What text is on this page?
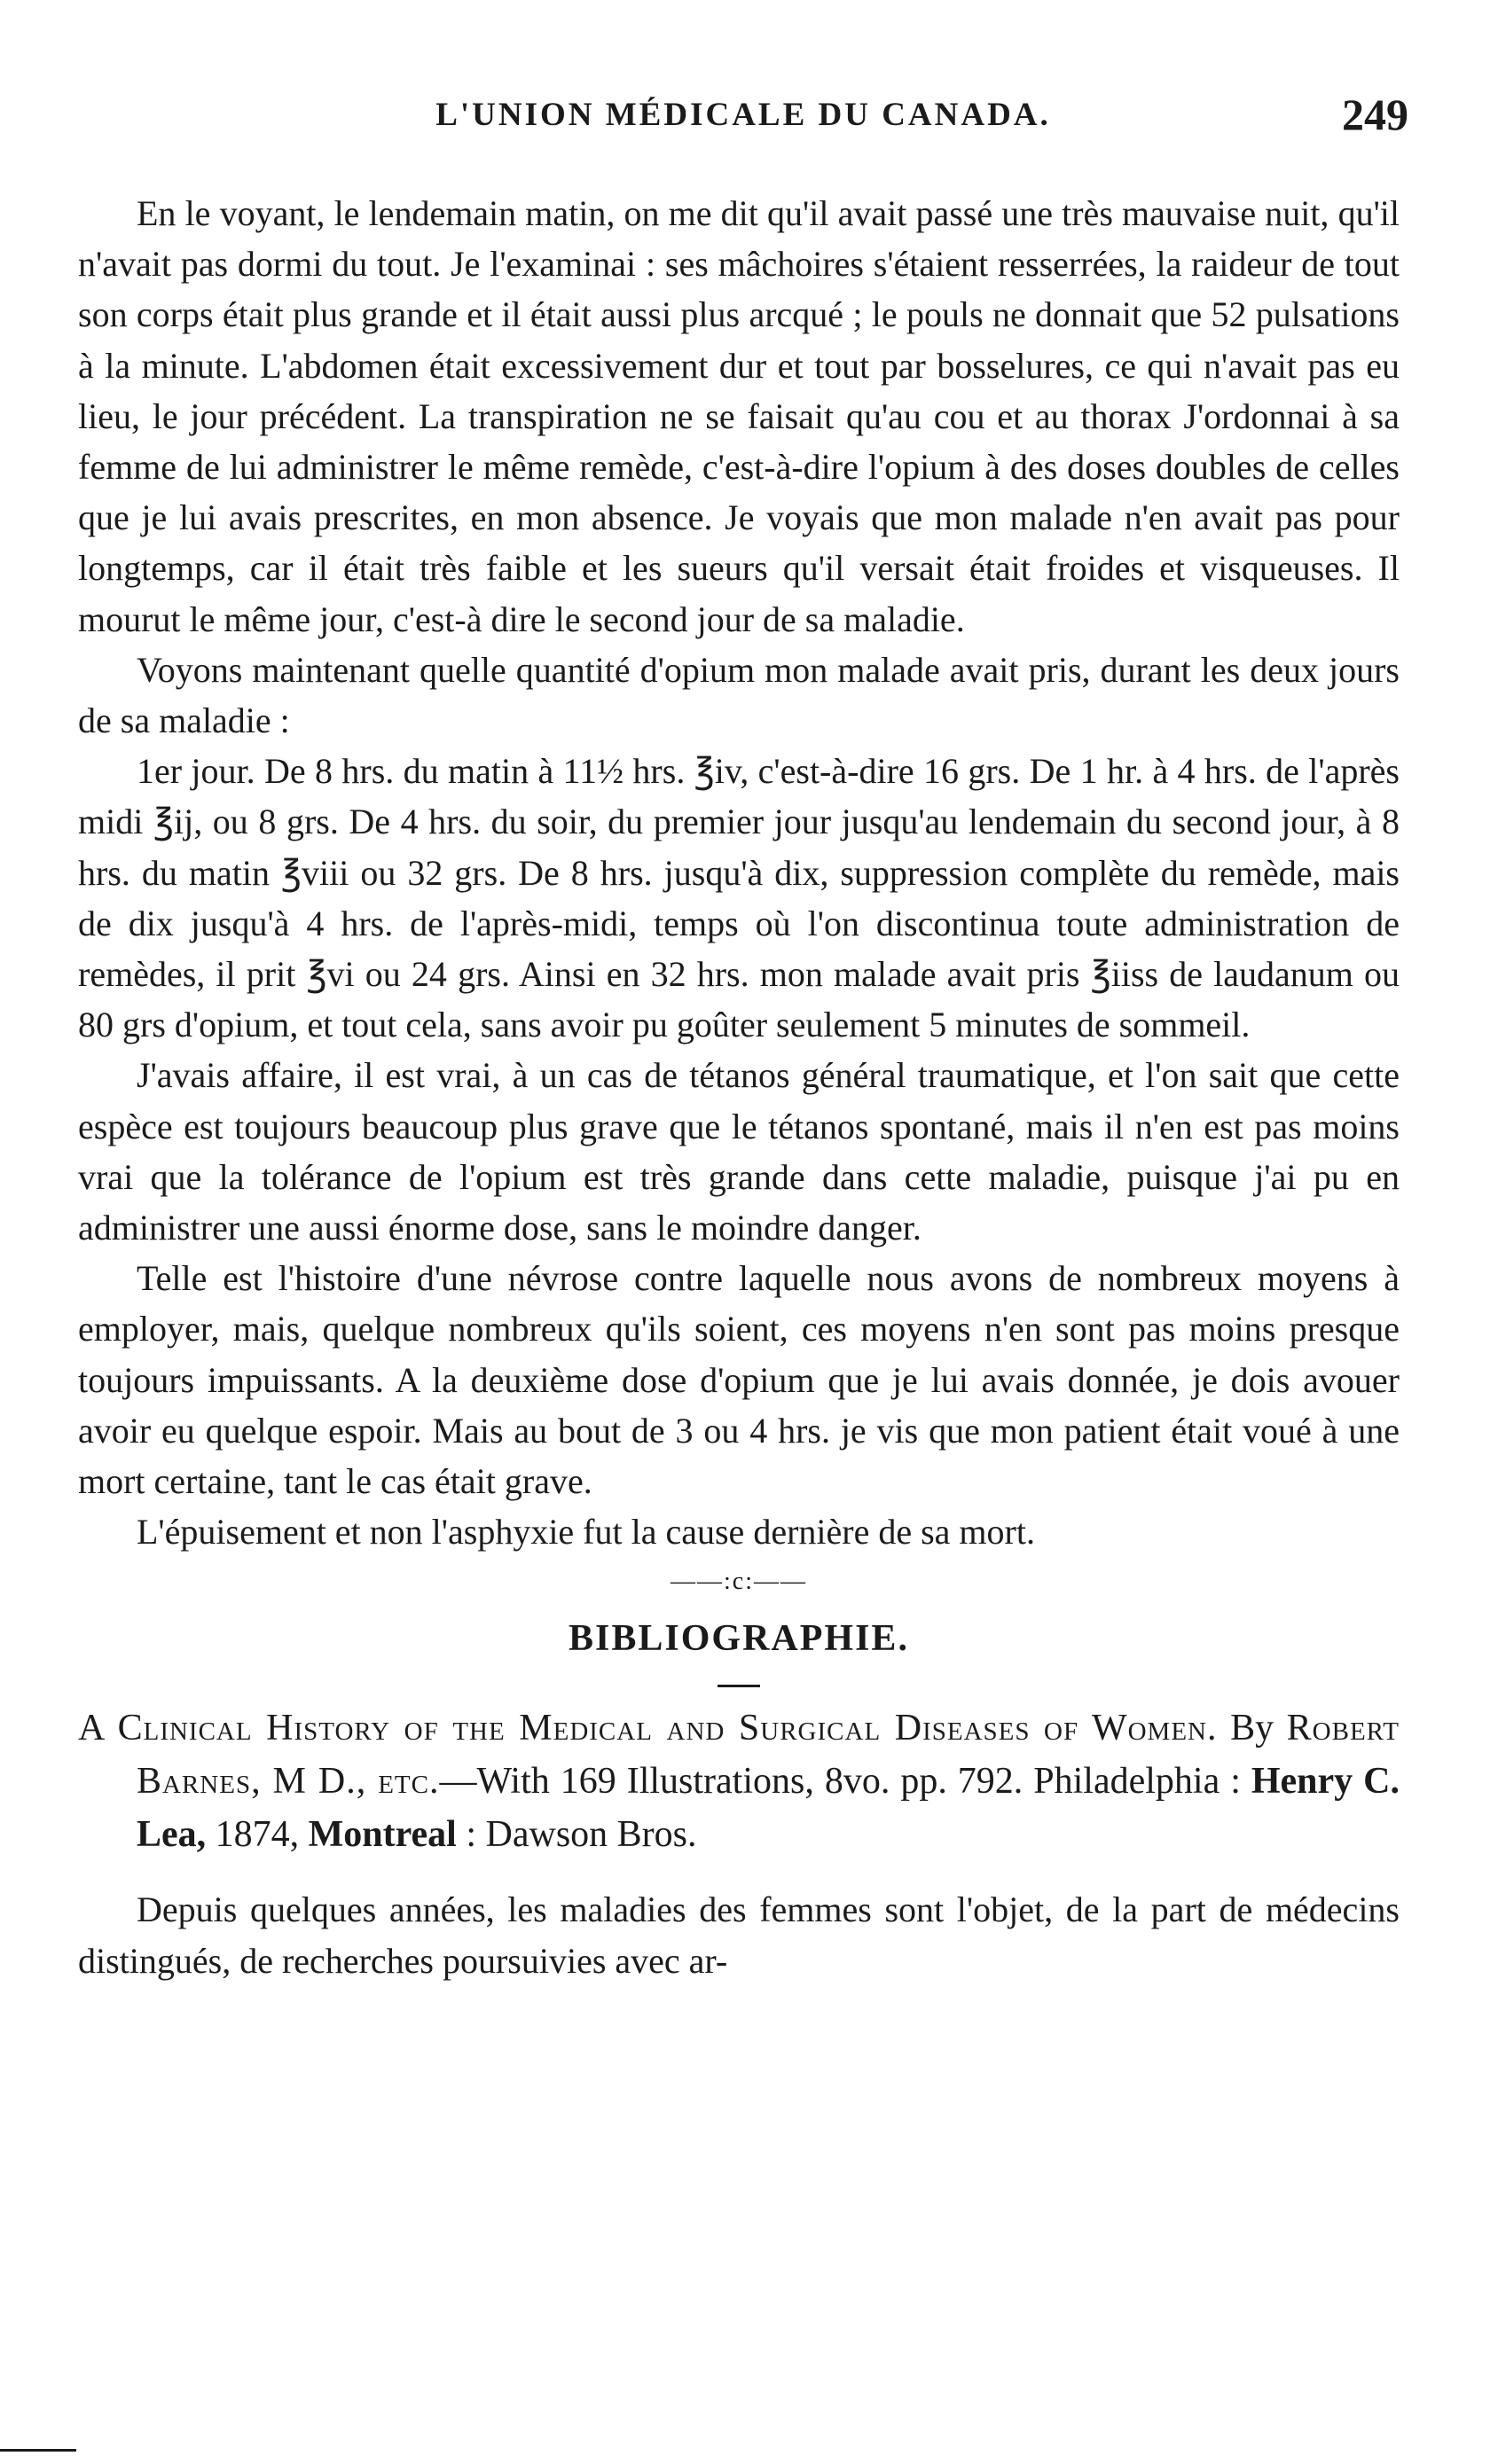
L'UNION MÉDICALE DU CANADA.	249

En le voyant, le lendemain matin, on me dit qu'il avait passé une très mauvaise nuit, qu'il n'avait pas dormi du tout. Je l'examinai : ses mâchoires s'étaient resserrées, la raideur de tout son corps était plus grande et il était aussi plus arcqué ; le pouls ne donnait que 52 pulsations à la minute. L'abdomen était excessivement dur et tout par bosselures, ce qui n'avait pas eu lieu, le jour précédent. La transpiration ne se faisait qu'au cou et au thorax J'ordonnai à sa femme de lui administrer le même remède, c'est-à-dire l'opium à des doses doubles de celles que je lui avais prescrites, en mon absence. Je voyais que mon malade n'en avait pas pour longtemps, car il était très faible et les sueurs qu'il versait était froides et visqueuses. Il mourut le même jour, c'est-à dire le second jour de sa maladie.

Voyons maintenant quelle quantité d'opium mon malade avait pris, durant les deux jours de sa maladie :

1er jour. De 8 hrs. du matin à 11½ hrs. ℥iv, c'est-à-dire 16 grs. De 1 hr. à 4 hrs. de l'après midi ℥ij, ou 8 grs. De 4 hrs. du soir, du premier jour jusqu'au lendemain du second jour, à 8 hrs. du matin ℥viii ou 32 grs. De 8 hrs. jusqu'à dix, suppression complète du remède, mais de dix jusqu'à 4 hrs. de l'après-midi, temps où l'on discontinua toute administration de remèdes, il prit ℥vi ou 24 grs. Ainsi en 32 hrs. mon malade avait pris ℥iiss de laudanum ou 80 grs d'opium, et tout cela, sans avoir pu goûter seulement 5 minutes de sommeil.

J'avais affaire, il est vrai, à un cas de tétanos général traumatique, et l'on sait que cette espèce est toujours beaucoup plus grave que le tétanos spontané, mais il n'en est pas moins vrai que la tolérance de l'opium est très grande dans cette maladie, puisque j'ai pu en administrer une aussi énorme dose, sans le moindre danger.

Telle est l'histoire d'une névrose contre laquelle nous avons de nombreux moyens à employer, mais, quelque nombreux qu'ils soient, ces moyens n'en sont pas moins presque toujours impuissants. A la deuxième dose d'opium que je lui avais donnée, je dois avouer avoir eu quelque espoir. Mais au bout de 3 ou 4 hrs. je vis que mon patient était voué à une mort certaine, tant le cas était grave.

L'épuisement et non l'asphyxie fut la cause dernière de sa mort.

——:c:——
BIBLIOGRAPHIE.

A Clinical History of the Medical and Surgical Diseases of Women. By Robert Barnes, M D., etc.—With 169 Illustrations, 8vo. pp. 792. Philadelphia : Henry C. Lea, 1874, Montreal : Dawson Bros.

Depuis quelques années, les maladies des femmes sont l'objet, de la part de médecins distingués, de recherches poursuivies avec ar-
